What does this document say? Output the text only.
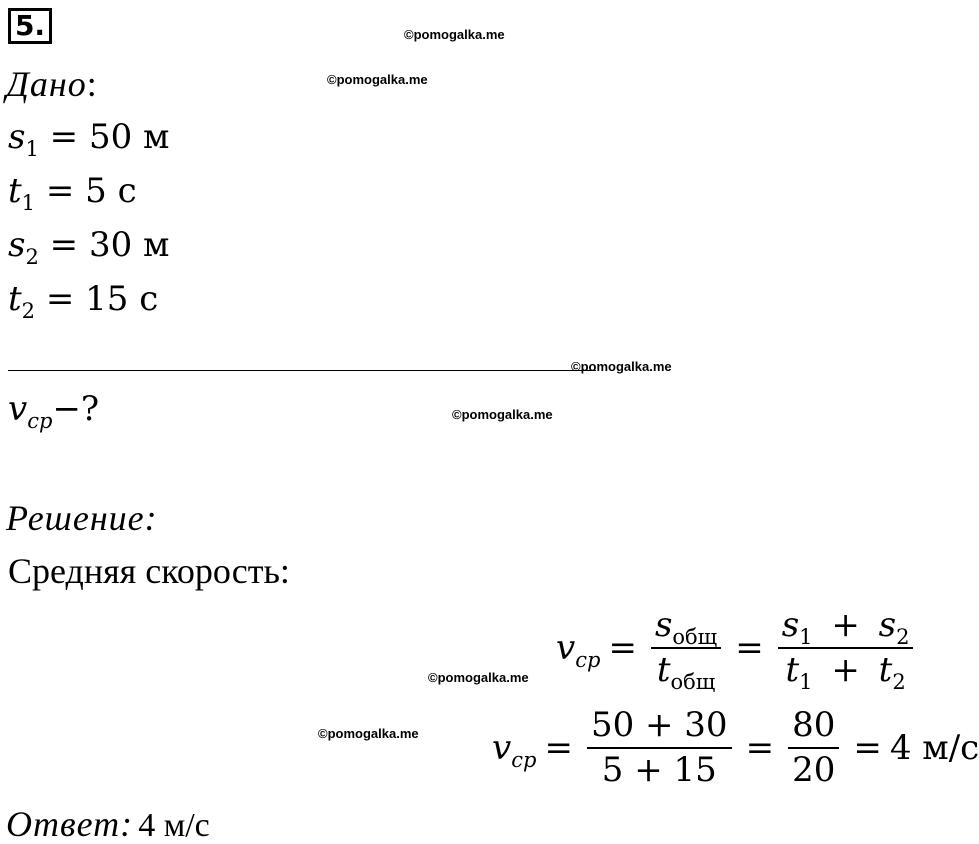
5.	©pomogalka.me
©pomogalka.me
©pomogalka.me
©pomogalka.me
©pomogalka.me
©pomogalka.me
Дано:
$s_1 = 50$ м
$t_1 = 5$ с
$s_2 = 30$ м
$t_2 = 15$ с
$v_{ср}-$?
Решение:
Средняя скорость:
$v_{ср} = \frac{s_{общ}}{t_{общ}} = \frac{s_1 + s_2}{t_1 + t_2}$
$v_{ср} = \frac{50 + 30}{5 + 15} = \frac{80}{20} = 4$ м/с
Ответ: 4 м/с
